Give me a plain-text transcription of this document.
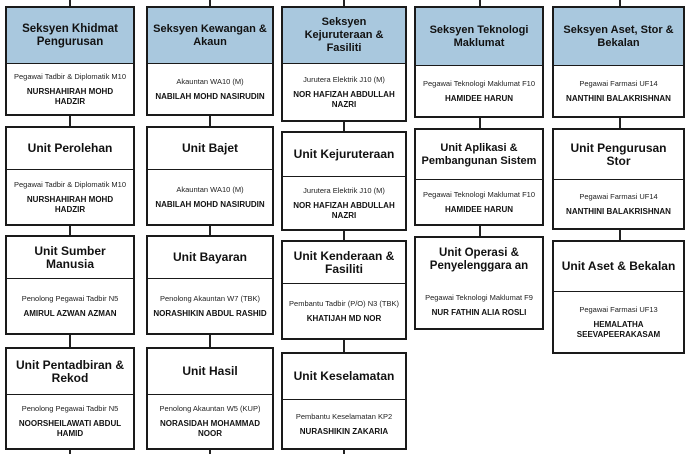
Seksyen Khidmat Pengurusan
Pegawai Tadbir & Diplomatik M10
NURSHAHIRAH MOHD HADZIR
Unit Perolehan
Pegawai Tadbir & Diplomatik M10
NURSHAHIRAH MOHD HADZIR
Unit Sumber Manusia
Penolong Pegawai Tadbir N5
AMIRUL AZWAN AZMAN
Unit Pentadbiran & Rekod
Penolong Pegawai Tadbir N5
NOORSHEILAWATI ABDUL HAMID
Seksyen Kewangan & Akaun
Akauntan WA10 (M)
NABILAH MOHD NASIRUDIN
Unit Bajet
Akauntan WA10 (M)
NABILAH MOHD NASIRUDIN
Unit Bayaran
Penolong Akauntan W7 (TBK)
NORASHIKIN ABDUL RASHID
Unit Hasil
Penolong Akauntan W5 (KUP)
NORASIDAH MOHAMMAD NOOR
Seksyen Kejuruteraan & Fasiliti
Jurutera Elektrik J10 (M)
NOR HAFIZAH ABDULLAH NAZRI
Unit Kejuruteraan
Jurutera Elektrik J10 (M)
NOR HAFIZAH ABDULLAH NAZRI
Unit Kenderaan & Fasiliti
Pembantu Tadbir (P/O) N3 (TBK)
KHATIJAH MD NOR
Unit Keselamatan
Pembantu Keselamatan KP2
NURASHIKIN ZAKARIA
Seksyen Teknologi Maklumat
Pegawai Teknologi Maklumat F10
HAMIDEE HARUN
Unit Aplikasi & Pembangunan Sistem
Pegawai Teknologi Maklumat F10
HAMIDEE HARUN
Unit Operasi & Penyelenggara an
Pegawai Teknologi Maklumat F9
NUR FATHIN ALIA ROSLI
Seksyen Aset, Stor & Bekalan
Pegawai Farmasi UF14
NANTHINI BALAKRISHNAN
Unit Pengurusan Stor
Pegawai Farmasi UF14
NANTHINI BALAKRISHNAN
Unit Aset & Bekalan
Pegawai Farmasi UF13
HEMALATHA SEEVAPEERAKASAM
